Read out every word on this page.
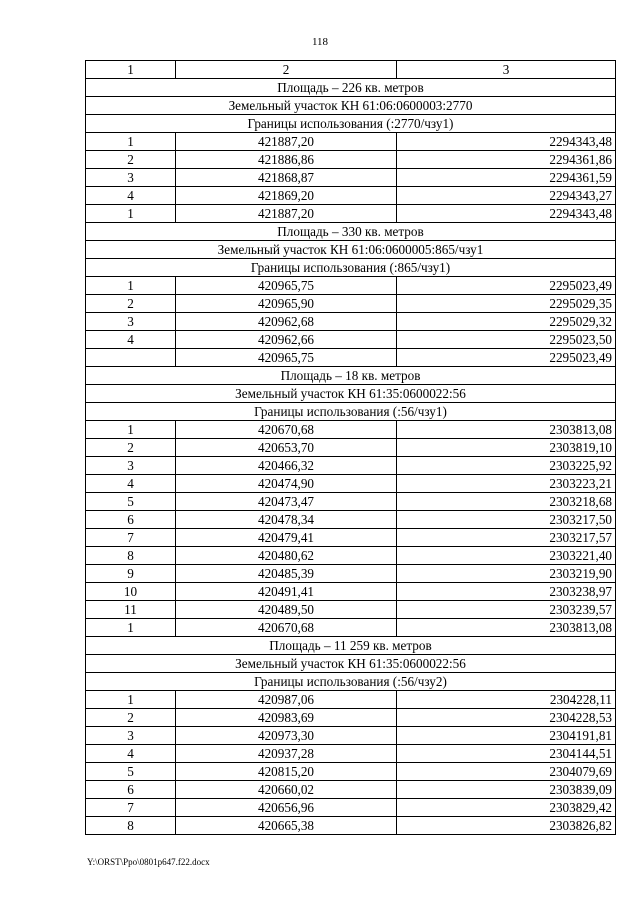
118
1	2	3
Площадь – 226 кв. метров		
Земельный участок КН 61:06:0600003:2770		
Границы использования (:2770/чзу1)		
1	421887,20	2294343,48
2	421886,86	2294361,86
3	421868,87	2294361,59
4	421869,20	2294343,27
1	421887,20	2294343,48
Площадь – 330 кв. метров		
Земельный участок КН 61:06:0600005:865/чзу1		
Границы использования (:865/чзу1)		
1	420965,75	2295023,49
2	420965,90	2295029,35
3	420962,68	2295029,32
4	420962,66	2295023,50
	420965,75	2295023,49
Площадь – 18 кв. метров		
Земельный участок КН 61:35:0600022:56		
Границы использования (:56/чзу1)		
1	420670,68	2303813,08
2	420653,70	2303819,10
3	420466,32	2303225,92
4	420474,90	2303223,21
5	420473,47	2303218,68
6	420478,34	2303217,50
7	420479,41	2303217,57
8	420480,62	2303221,40
9	420485,39	2303219,90
10	420491,41	2303238,97
11	420489,50	2303239,57
1	420670,68	2303813,08
Площадь – 11 259 кв. метров		
Земельный участок КН 61:35:0600022:56		
Границы использования (:56/чзу2)		
1	420987,06	2304228,11
2	420983,69	2304228,53
3	420973,30	2304191,81
4	420937,28	2304144,51
5	420815,20	2304079,69
6	420660,02	2303839,09
7	420656,96	2303829,42
8	420665,38	2303826,82
Y:\ORST\Ppo\0801p647.f22.docx
